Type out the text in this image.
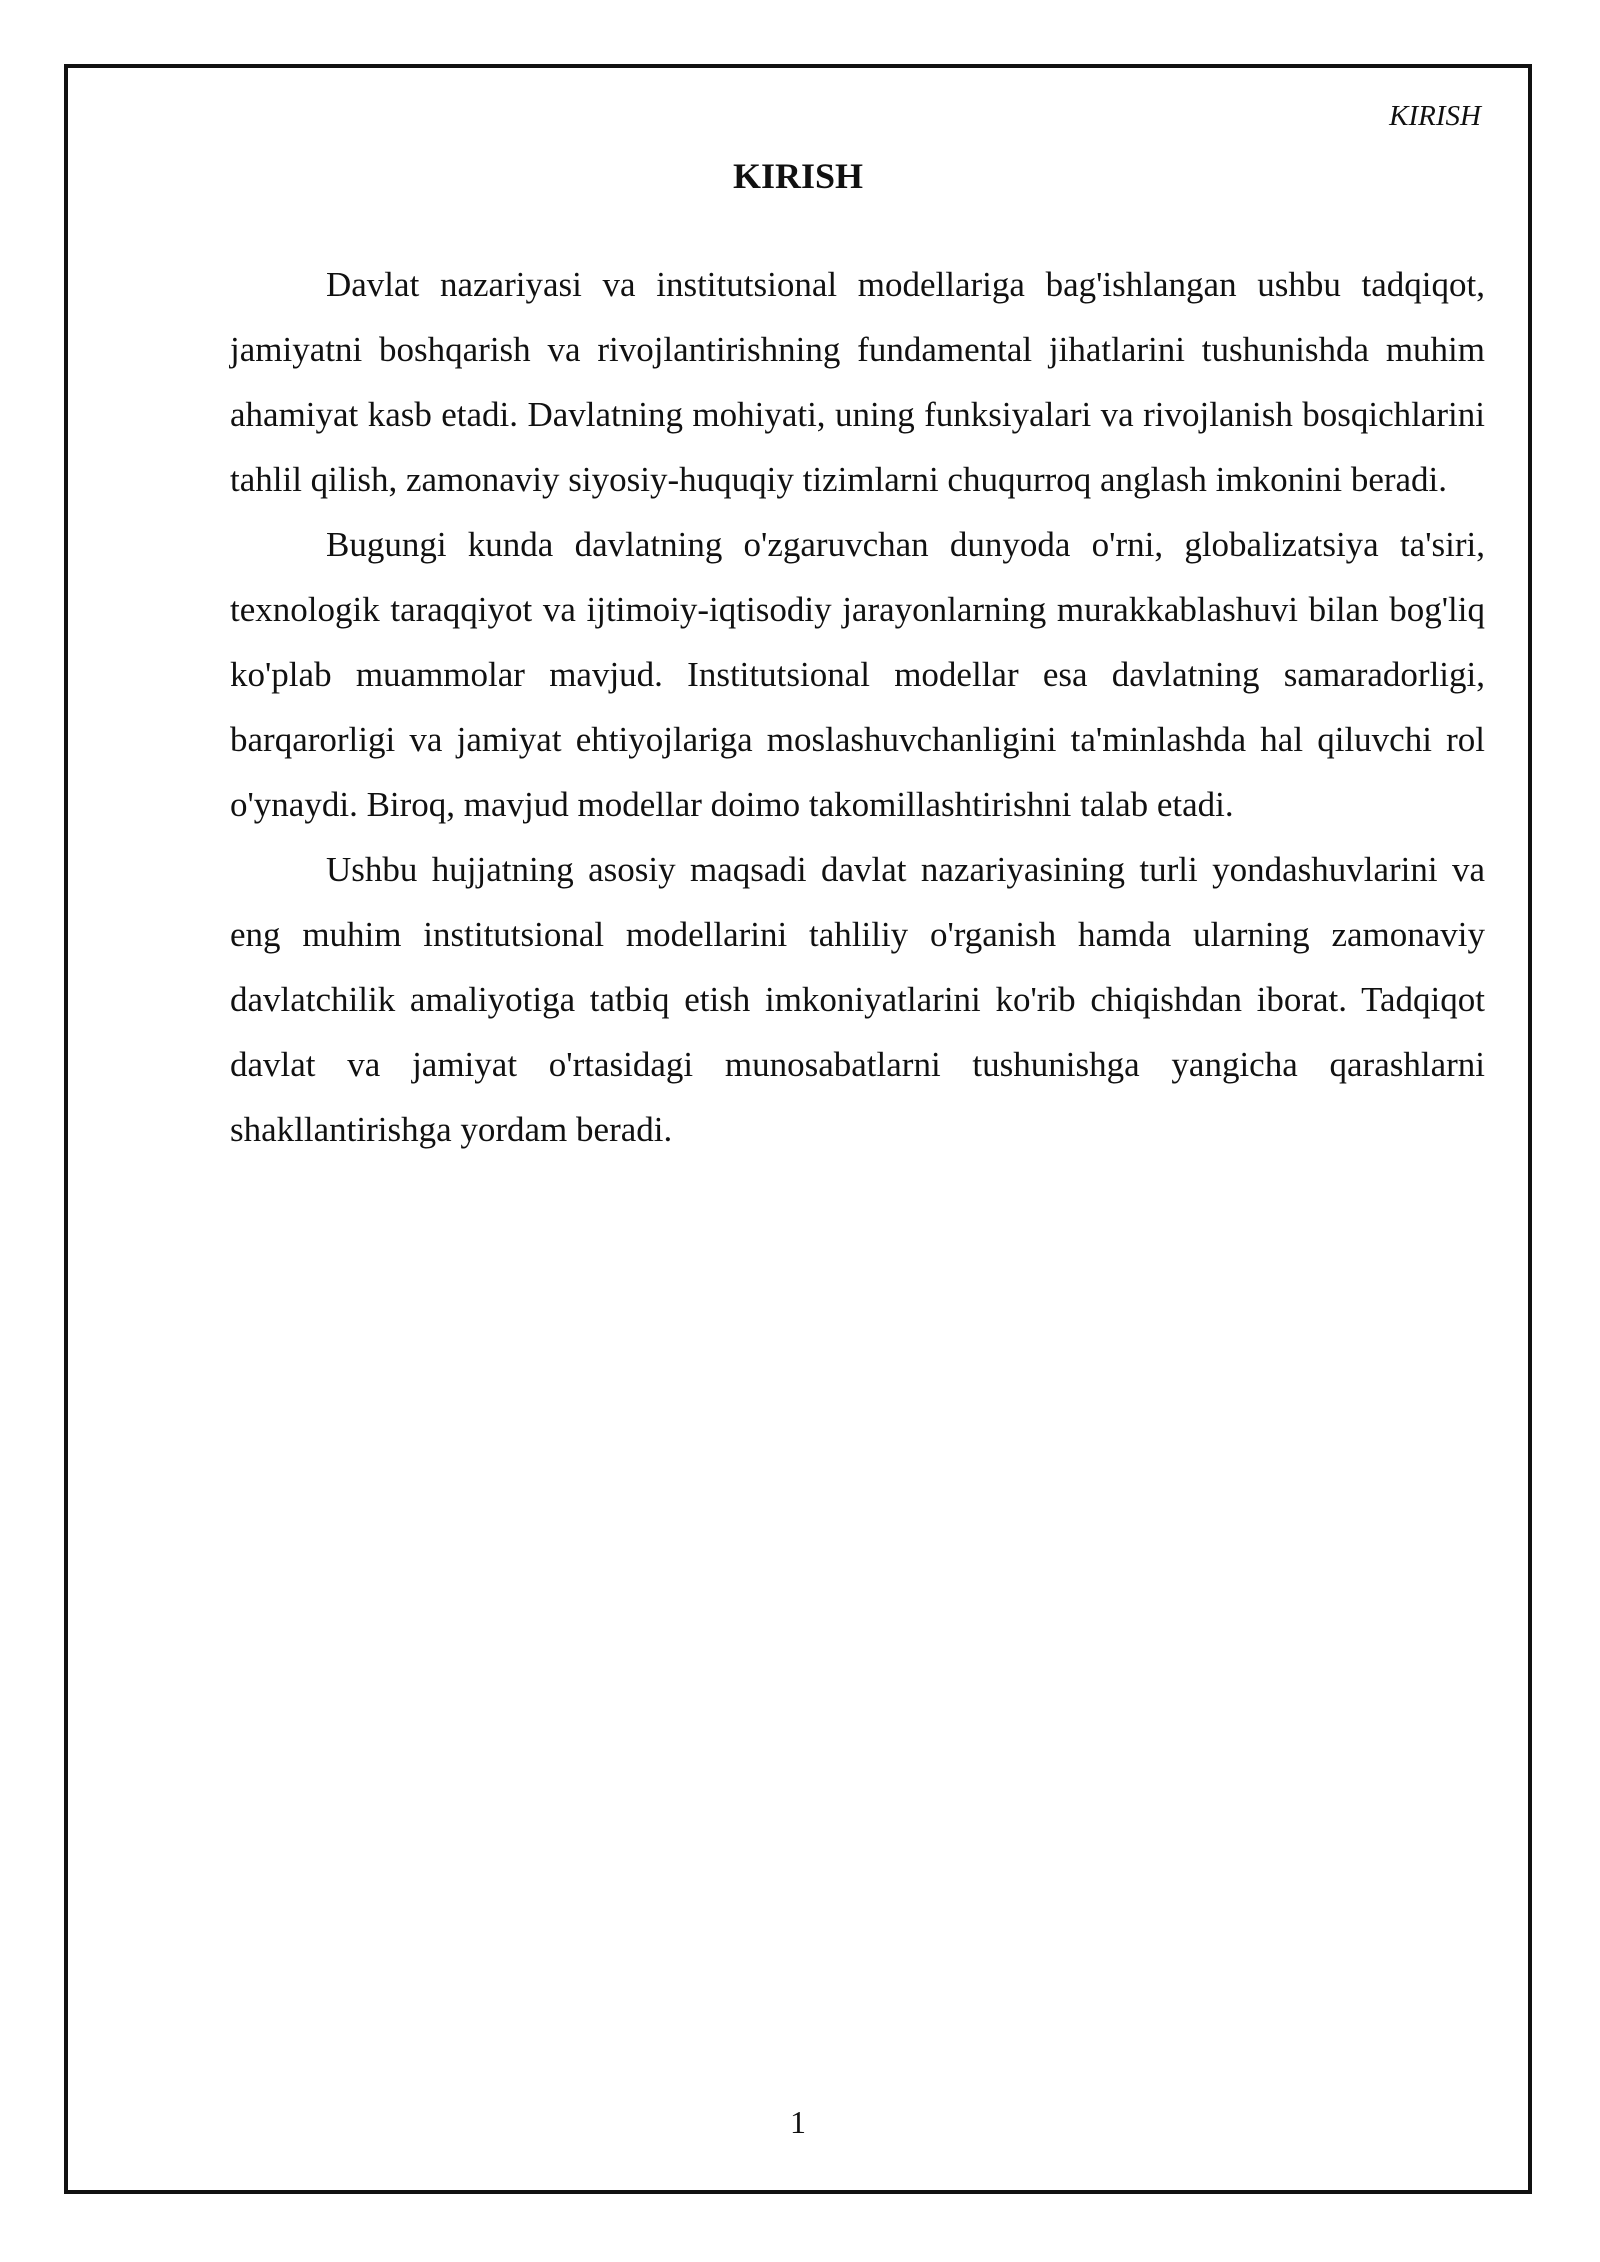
KIRISH
KIRISH

Davlat nazariyasi va institutsional modellariga bag'ishlangan ushbu tadqiqot, jamiyatni boshqarish va rivojlantirishning fundamental jihatlarini tushunishda muhim ahamiyat kasb etadi. Davlatning mohiyati, uning funksiyalari va rivojlanish bosqichlarini tahlil qilish, zamonaviy siyosiy-huquqiy tizimlarni chuqurroq anglash imkonini beradi.

Bugungi kunda davlatning o'zgaruvchan dunyoda o'rni, globalizatsiya ta'siri, texnologik taraqqiyot va ijtimoiy-iqtisodiy jarayonlarning murakkablashuvi bilan bog'liq ko'plab muammolar mavjud. Institutsional modellar esa davlatning samaradorligi, barqarorligi va jamiyat ehtiyojlariga moslashuvchanligini ta'minlashda hal qiluvchi rol o'ynaydi. Biroq, mavjud modellar doimo takomillashtirishni talab etadi.

Ushbu hujjatning asosiy maqsadi davlat nazariyasining turli yondashuvlarini va eng muhim institutsional modellarini tahliliy o'rganish hamda ularning zamonaviy davlatchilik amaliyotiga tatbiq etish imkoniyatlarini ko'rib chiqishdan iborat. Tadqiqot davlat va jamiyat o'rtasidagi munosabatlarni tushunishga yangicha qarashlarni shakllantirishga yordam beradi.

1
